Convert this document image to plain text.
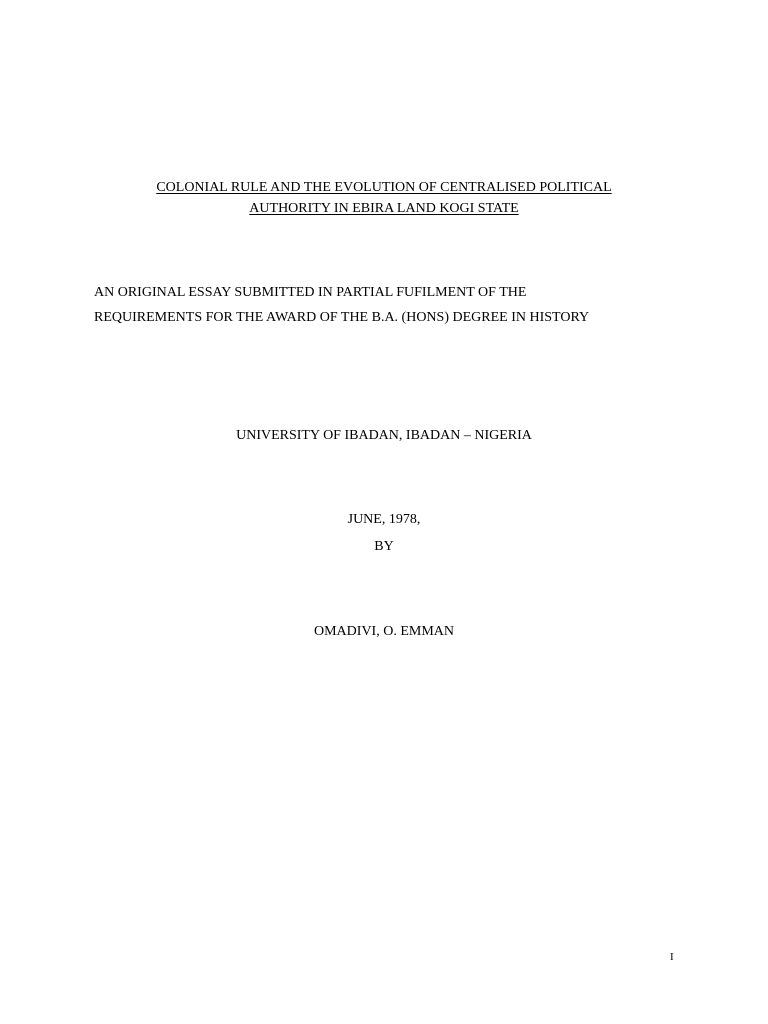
COLONIAL RULE AND THE EVOLUTION OF CENTRALISED POLITICAL
AUTHORITY IN EBIRA LAND KOGI STATE
AN ORIGINAL ESSAY SUBMITTED IN PARTIAL FUFILMENT OF THE
REQUIREMENTS FOR THE AWARD OF THE B.A. (HONS) DEGREE IN HISTORY
UNIVERSITY OF IBADAN, IBADAN – NIGERIA
JUNE, 1978,
BY
OMADIVI, O. EMMAN
I
